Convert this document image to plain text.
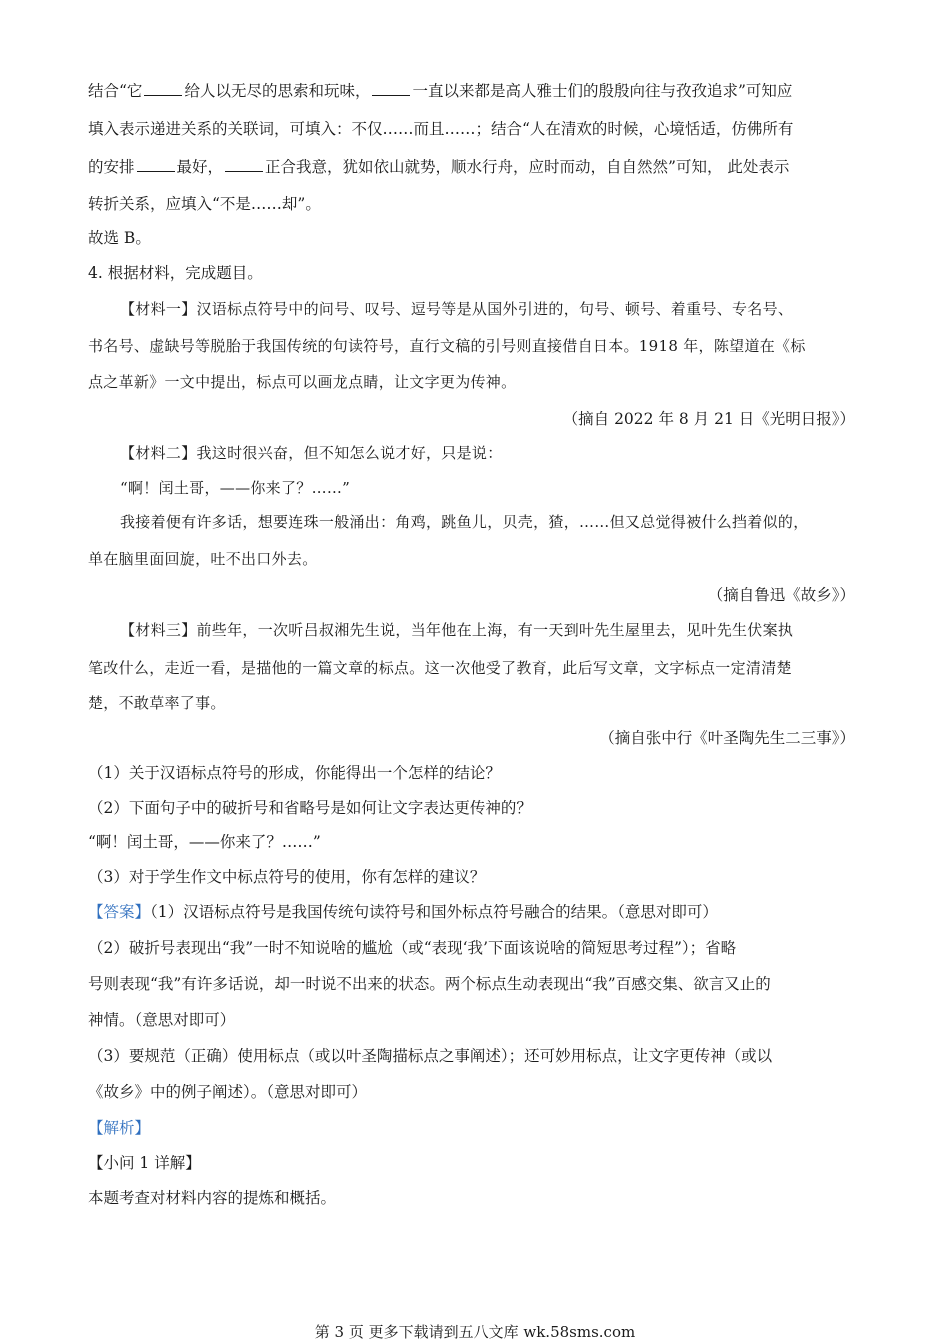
结合“它	给人以无尽的思索和玩味，	一直以来都是高人雅士们的殷殷向往与孜孜追求”可知应
填入表示递进关系的关联词，可填入：不仅……而且……；结合“人在清欢的时候，心境恬适，仿佛所有
的安排	最好，	正合我意，犹如依山就势，顺水行舟，应时而动，自自然然”可知， 此处表示
转折关系，应填入“不是……却”。
故选 B。
4. 根据材料，完成题目。
【材料一】汉语标点符号中的问号、叹号、逗号等是从国外引进的，句号、顿号、着重号、专名号、
书名号、虚缺号等脱胎于我国传统的句读符号，直行文稿的引号则直接借自日本。1918 年，陈望道在《标
点之革新》一文中提出，标点可以画龙点睛，让文字更为传神。
（摘自 2022 年 8 月 21 日《光明日报》）
【材料二】我这时很兴奋，但不知怎么说才好，只是说：
“啊！闰土哥，——你来了？……”
我接着便有许多话，想要连珠一般涌出：角鸡，跳鱼儿，贝壳，猹，……但又总觉得被什么挡着似的，
单在脑里面回旋，吐不出口外去。
（摘自鲁迅《故乡》）
【材料三】前些年，一次听吕叔湘先生说，当年他在上海，有一天到叶先生屋里去，见叶先生伏案执
笔改什么，走近一看，是描他的一篇文章的标点。这一次他受了教育，此后写文章，文字标点一定清清楚
楚，不敢草率了事。
（摘自张中行《叶圣陶先生二三事》）
（1）关于汉语标点符号的形成，你能得出一个怎样的结论？
（2）下面句子中的破折号和省略号是如何让文字表达更传神的？
“啊！闰土哥，——你来了？……”
（3）对于学生作文中标点符号的使用，你有怎样的建议？
【答案】（1）汉语标点符号是我国传统句读符号和国外标点符号融合的结果。（意思对即可）
（2）破折号表现出“我”一时不知说啥的尴尬（或“表现‘我’下面该说啥的简短思考过程”）；省略
号则表现“我”有许多话说，却一时说不出来的状态。两个标点生动表现出“我”百感交集、欲言又止的
神情。（意思对即可）
（3）要规范（正确）使用标点（或以叶圣陶描标点之事阐述）；还可妙用标点，让文字更传神（或以
《故乡》中的例子阐述）。（意思对即可）
【解析】
【小问 1 详解】
本题考查对材料内容的提炼和概括。
第 3 页 更多下载请到五八文库 wk.58sms.com
